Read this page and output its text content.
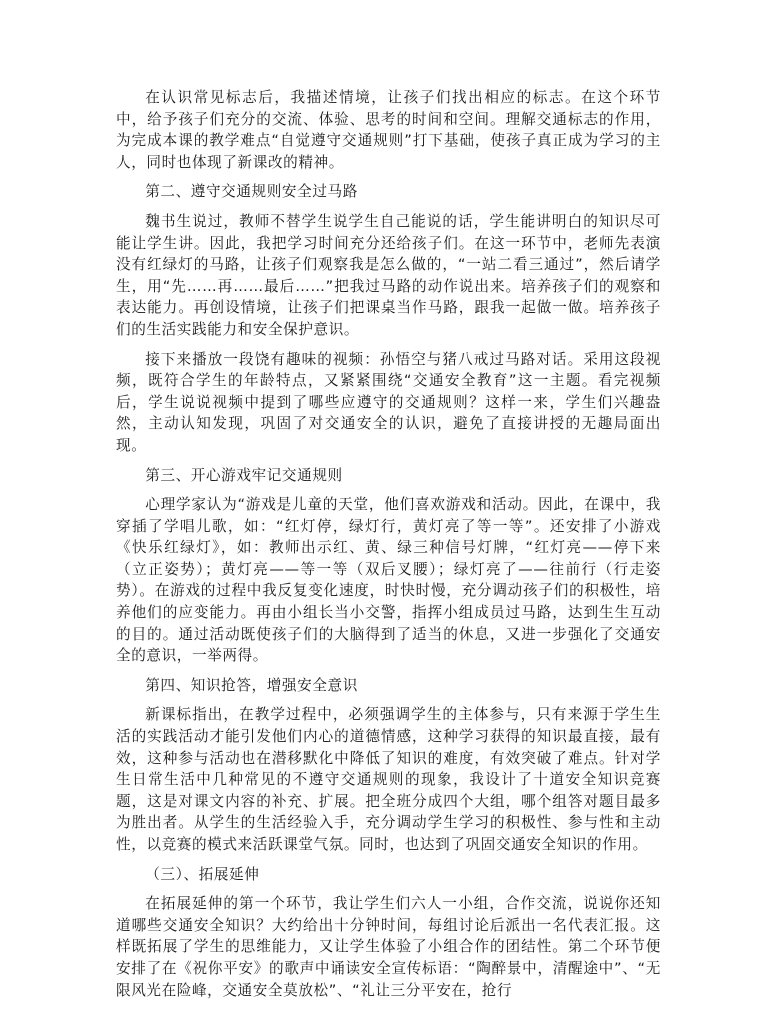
在认识常见标志后，我描述情境，让孩子们找出相应的标志。在这个环节中，给予孩子们充分的交流、体验、思考的时间和空间。理解交通标志的作用，为完成本课的教学难点“自觉遵守交通规则”打下基础，使孩子真正成为学习的主人，同时也体现了新课改的精神。

第二、遵守交通规则安全过马路

魏书生说过，教师不替学生说学生自己能说的话，学生能讲明白的知识尽可能让学生讲。因此，我把学习时间充分还给孩子们。在这一环节中，老师先表演没有红绿灯的马路，让孩子们观察我是怎么做的，“一站二看三通过”，然后请学生，用“先……再……最后……”把我过马路的动作说出来。培养孩子们的观察和表达能力。再创设情境，让孩子们把课桌当作马路，跟我一起做一做。培养孩子们的生活实践能力和安全保护意识。

接下来播放一段饶有趣味的视频：孙悟空与猪八戒过马路对话。采用这段视频，既符合学生的年龄特点，又紧紧围绕“交通安全教育”这一主题。看完视频后，学生说说视频中提到了哪些应遵守的交通规则？这样一来，学生们兴趣盎然，主动认知发现，巩固了对交通安全的认识，避免了直接讲授的无趣局面出现。

第三、开心游戏牢记交通规则

心理学家认为“游戏是儿童的天堂，他们喜欢游戏和活动。因此，在课中，我穿插了学唱儿歌，如：“红灯停，绿灯行，黄灯亮了等一等”。还安排了小游戏《快乐红绿灯》，如：教师出示红、黄、绿三种信号灯牌，“红灯亮——停下来（立正姿势）；黄灯亮——等一等（双后叉腰）；绿灯亮了——往前行（行走姿势）。在游戏的过程中我反复变化速度，时快时慢，充分调动孩子们的积极性，培养他们的应变能力。再由小组长当小交警，指挥小组成员过马路，达到生生互动的目的。通过活动既使孩子们的大脑得到了适当的休息，又进一步强化了交通安全的意识，一举两得。

第四、知识抢答，增强安全意识

新课标指出，在教学过程中，必须强调学生的主体参与，只有来源于学生生活的实践活动才能引发他们内心的道德情感，这种学习获得的知识最直接，最有效，这种参与活动也在潜移默化中降低了知识的难度，有效突破了难点。针对学生日常生活中几种常见的不遵守交通规则的现象，我设计了十道安全知识竞赛题，这是对课文内容的补充、扩展。把全班分成四个大组，哪个组答对题目最多为胜出者。从学生的生活经验入手，充分调动学生学习的积极性、参与性和主动性，以竞赛的模式来活跃课堂气氛。同时，也达到了巩固交通安全知识的作用。

（三）、拓展延伸

在拓展延伸的第一个环节，我让学生们六人一小组，合作交流，说说你还知道哪些交通安全知识？大约给出十分钟时间，每组讨论后派出一名代表汇报。这样既拓展了学生的思维能力，又让学生体验了小组合作的团结性。第二个环节便安排了在《祝你平安》的歌声中诵读安全宣传标语：“陶醉景中，清醒途中”、“无限风光在险峰，交通安全莫放松”、“礼让三分平安在，抢行
